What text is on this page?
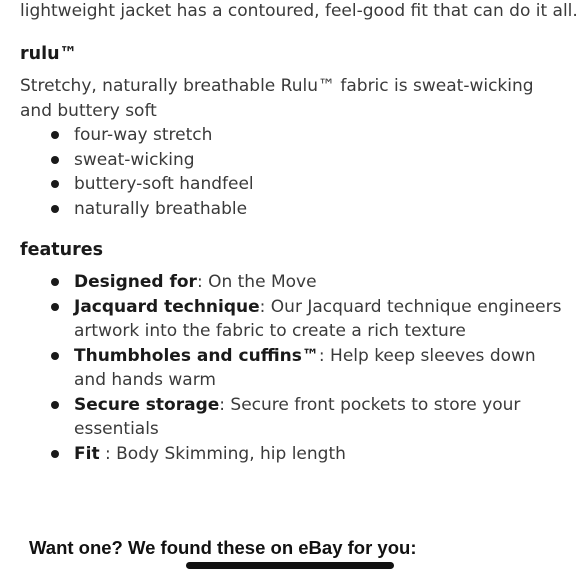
lightweight jacket has a contoured, feel-good fit that can do it all.
rulu™
Stretchy, naturally breathable Rulu™ fabric is sweat-wicking and buttery soft
four-way stretch
sweat-wicking
buttery-soft handfeel
naturally breathable
features
Designed for: On the Move
Jacquard technique: Our Jacquard technique engineers artwork into the fabric to create a rich texture
Thumbholes and cuffins™: Help keep sleeves down and hands warm
Secure storage: Secure front pockets to store your essentials
Fit : Body Skimming, hip length
Want one? We found these on eBay for you:
